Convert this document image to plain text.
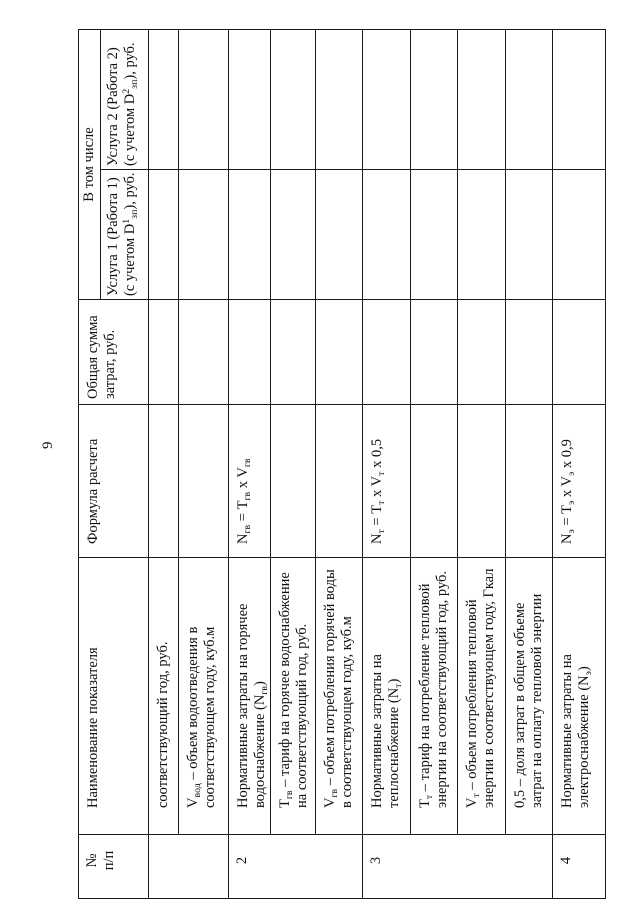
9
№ п/п	Наименование показателя	Формула расчета	Общая сумма затрат, руб.	В том числе	

				Услуга 1 (Работа 1) (с учетом $D^1_{зп}$), руб.	Услуга 2 (Работа 2) (с учетом $D^2_{зп}$), руб.

	соответствующий год, руб.				
	$V_{вод}$ – объем водоотведения в соответствующем году, куб.м				
2	Нормативные затраты на горячее водоснабжение $(N_{гв})$	$N_{гв} = Т_{гв}$ x $V_{гв}$			
	$Т_{гв}$ – тариф на горячее водоснабжение на соответствующий год, руб.				
	$V_{гв}$ – объем потребления горячей воды в соответствующем году, куб.м				
3	Нормативные затраты на теплоснабжение $(N_т)$	$N_т = Т_т$ x $V_т$ x 0,5			
	$Т_т$ – тариф на потребление тепловой энергии на соответствующий год, руб.				
	$V_т$ – объем потребления тепловой энергии в соответствующем году, Гкал				
	0,5 – доля затрат в общем объеме затрат на оплату тепловой энергии				
4	Нормативные затраты на электроснабжение $(N_э)$	$N_э = Т_э$ x $V_э$ x 0,9			
